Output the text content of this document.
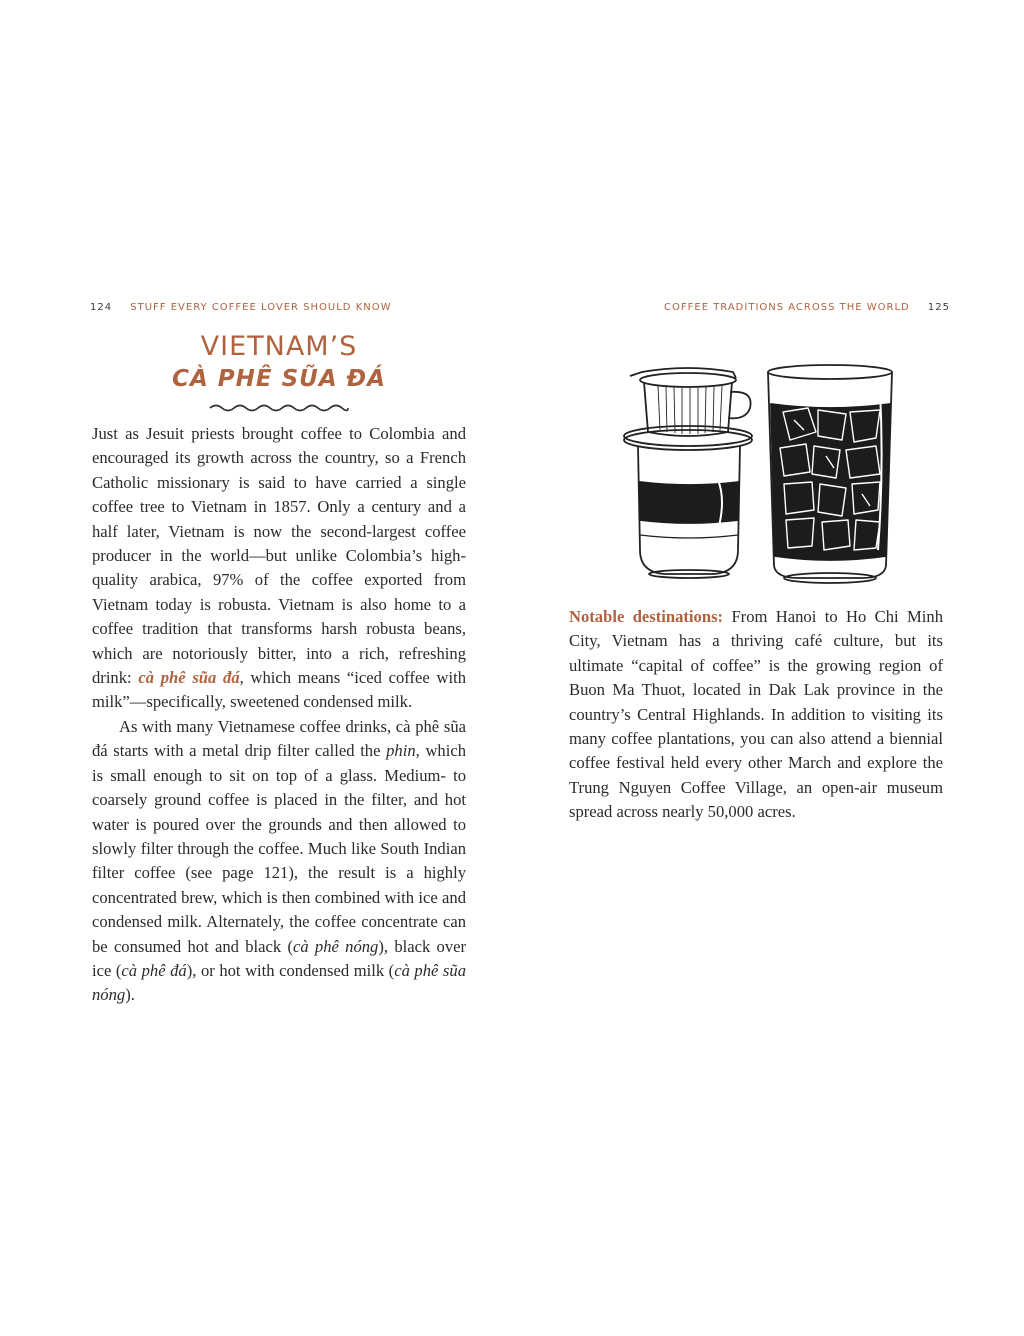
124 STUFF EVERY COFFEE LOVER SHOULD KNOW	COFFEE TRADITIONS ACROSS THE WORLD 125
VIETNAM’S
CÀ PHÊ SŨA ĐÁ

Just as Jesuit priests brought coffee to Colombia and encouraged its growth across the country, so a French Catholic missionary is said to have carried a single coffee tree to Vietnam in 1857. Only a century and a half later, Vietnam is now the second-largest coffee producer in the world—but unlike Colombia’s high-quality arabica, 97% of the coffee exported from Vietnam today is robusta. Vietnam is also home to a coffee tradition that transforms harsh robusta beans, which are notoriously bitter, into a rich, refreshing drink: cà phê sũa đá, which means “iced coffee with milk”—specifically, sweetened condensed milk.

As with many Vietnamese coffee drinks, cà phê sũa đá starts with a metal drip filter called the phin, which is small enough to sit on top of a glass. Medium- to coarsely ground coffee is placed in the filter, and hot water is poured over the grounds and then allowed to slowly filter through the coffee. Much like South Indian filter coffee (see page 121), the result is a highly concentrated brew, which is then combined with ice and condensed milk. Alternately, the coffee concentrate can be consumed hot and black (cà phê nóng), black over ice (cà phê đá), or hot with condensed milk (cà phê sũa nóng).

Notable destinations: From Hanoi to Ho Chi Minh City, Vietnam has a thriving café culture, but its ultimate “capital of coffee” is the growing region of Buon Ma Thuot, located in Dak Lak province in the country’s Central Highlands. In addition to visiting its many coffee plantations, you can also attend a biennial coffee festival held every other March and explore the Trung Nguyen Coffee Village, an open-air museum spread across nearly 50,000 acres.
